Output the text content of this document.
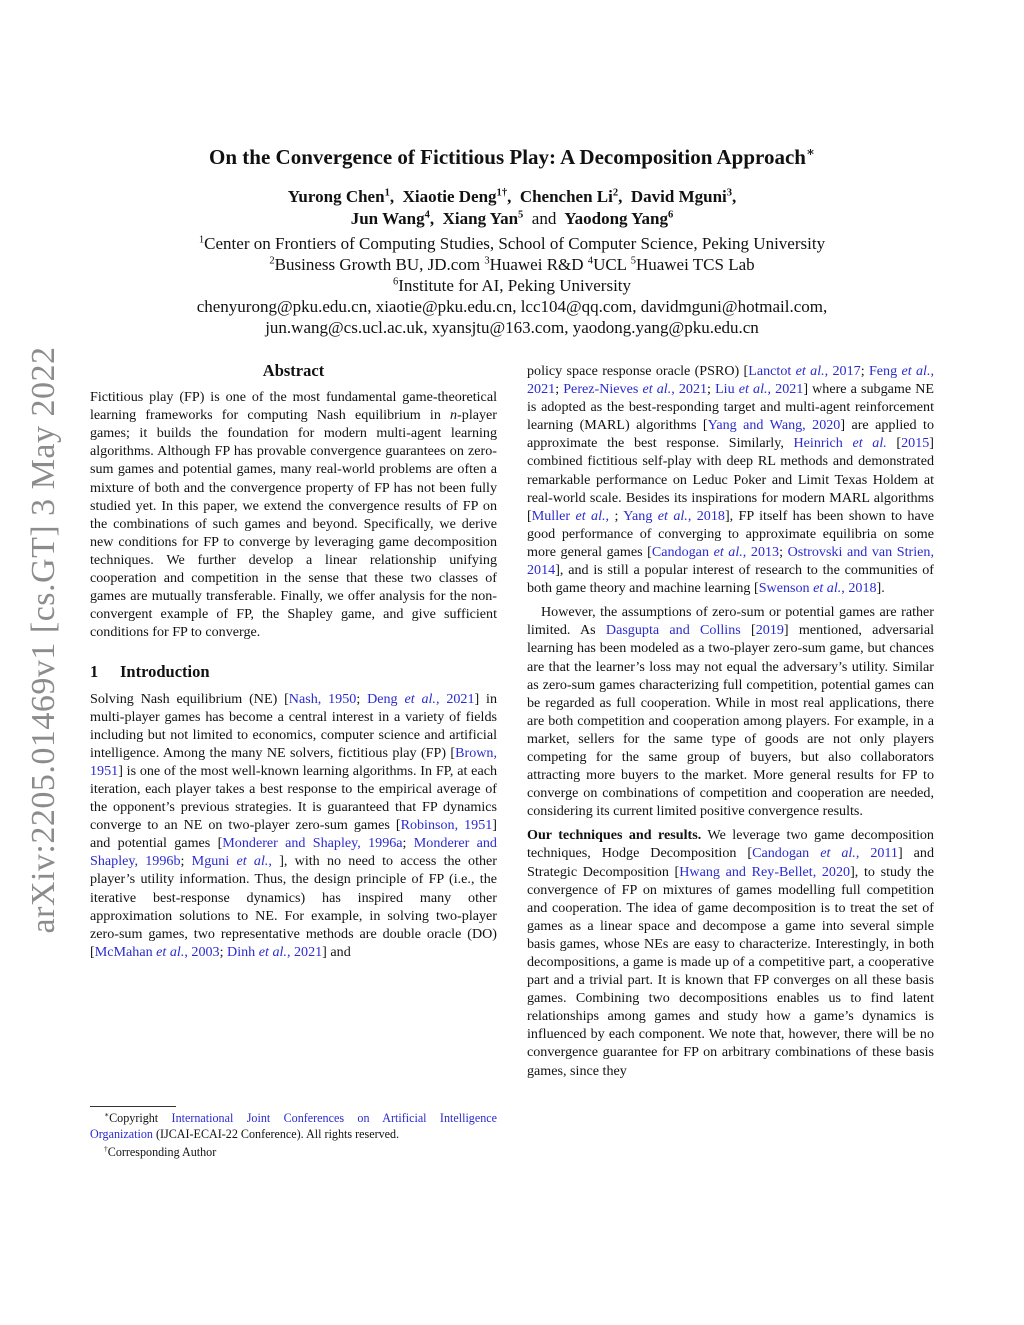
arXiv:2205.01469v1 [cs.GT] 3 May 2022
On the Convergence of Fictitious Play: A Decomposition Approach∗
Yurong Chen$^1$, Xiaotie Deng$^{1\dagger}$, Chenchen Li$^2$, David Mguni$^3$,
Jun Wang$^4$, Xiang Yan$^5$ and Yaodong Yang$^6$
$^1$Center on Frontiers of Computing Studies, School of Computer Science, Peking University
$^2$Business Growth BU, JD.com $^3$Huawei R&D $^4$UCL $^5$Huawei TCS Lab
$^6$Institute for AI, Peking University
chenyurong@pku.edu.cn, xiaotie@pku.edu.cn, lcc104@qq.com, davidmguni@hotmail.com,
jun.wang@cs.ucl.ac.uk, xyansjtu@163.com, yaodong.yang@pku.edu.cn
Abstract

Fictitious play (FP) is one of the most fundamental game-theoretical learning frameworks for computing Nash equilibrium in n-player games; it builds the foundation for modern multi-agent learning algorithms. Although FP has provable convergence guarantees on zero-sum games and potential games, many real-world problems are often a mixture of both and the convergence property of FP has not been fully studied yet. In this paper, we extend the convergence results of FP on the combinations of such games and beyond. Specifically, we derive new conditions for FP to converge by leveraging game decomposition techniques. We further develop a linear relationship unifying cooperation and competition in the sense that these two classes of games are mutually transferable. Finally, we offer analysis for the non-convergent example of FP, the Shapley game, and give sufficient conditions for FP to converge.

1 Introduction

Solving Nash equilibrium (NE) [Nash, 1950; Deng et al., 2021] in multi-player games has become a central interest in a variety of fields including but not limited to economics, computer science and artificial intelligence. Among the many NE solvers, fictitious play (FP) [Brown, 1951] is one of the most well-known learning algorithms. In FP, at each iteration, each player takes a best response to the empirical average of the opponent’s previous strategies. It is guaranteed that FP dynamics converge to an NE on two-player zero-sum games [Robinson, 1951] and potential games [Monderer and Shapley, 1996a; Monderer and Shapley, 1996b; Mguni et al., ], with no need to access the other player’s utility information. Thus, the design principle of FP (i.e., the iterative best-response dynamics) has inspired many other approximation solutions to NE. For example, in solving two-player zero-sum games, two representative methods are double oracle (DO) [McMahan et al., 2003; Dinh et al., 2021] and

∗Copyright International Joint Conferences on Artificial Intelligence Organization (IJCAI-ECAI-22 Conference). All rights reserved.

†Corresponding Author

policy space response oracle (PSRO) [Lanctot et al., 2017; Feng et al., 2021; Perez-Nieves et al., 2021; Liu et al., 2021] where a subgame NE is adopted as the best-responding target and multi-agent reinforcement learning (MARL) algorithms [Yang and Wang, 2020] are applied to approximate the best response. Similarly, Heinrich et al. [2015] combined fictitious self-play with deep RL methods and demonstrated remarkable performance on Leduc Poker and Limit Texas Holdem at real-world scale. Besides its inspirations for modern MARL algorithms [Muller et al., ; Yang et al., 2018], FP itself has been shown to have good performance of converging to approximate equilibria on some more general games [Candogan et al., 2013; Ostrovski and van Strien, 2014], and is still a popular interest of research to the communities of both game theory and machine learning [Swenson et al., 2018].

However, the assumptions of zero-sum or potential games are rather limited. As Dasgupta and Collins [2019] mentioned, adversarial learning has been modeled as a two-player zero-sum game, but chances are that the learner’s loss may not equal the adversary’s utility. Similar as zero-sum games characterizing full competition, potential games can be regarded as full cooperation. While in most real applications, there are both competition and cooperation among players. For example, in a market, sellers for the same type of goods are not only players competing for the same group of buyers, but also collaborators attracting more buyers to the market. More general results for FP to converge on combinations of competition and cooperation are needed, considering its current limited positive convergence results.

Our techniques and results. We leverage two game decomposition techniques, Hodge Decomposition [Candogan et al., 2011] and Strategic Decomposition [Hwang and Rey-Bellet, 2020], to study the convergence of FP on mixtures of games modelling full competition and cooperation. The idea of game decomposition is to treat the set of games as a linear space and decompose a game into several simple basis games, whose NEs are easy to characterize. Interestingly, in both decompositions, a game is made up of a competitive part, a cooperative part and a trivial part. It is known that FP converges on all these basis games. Combining two decompositions enables us to find latent relationships among games and study how a game’s dynamics is influenced by each component. We note that, however, there will be no convergence guarantee for FP on arbitrary combinations of these basis games, since they
